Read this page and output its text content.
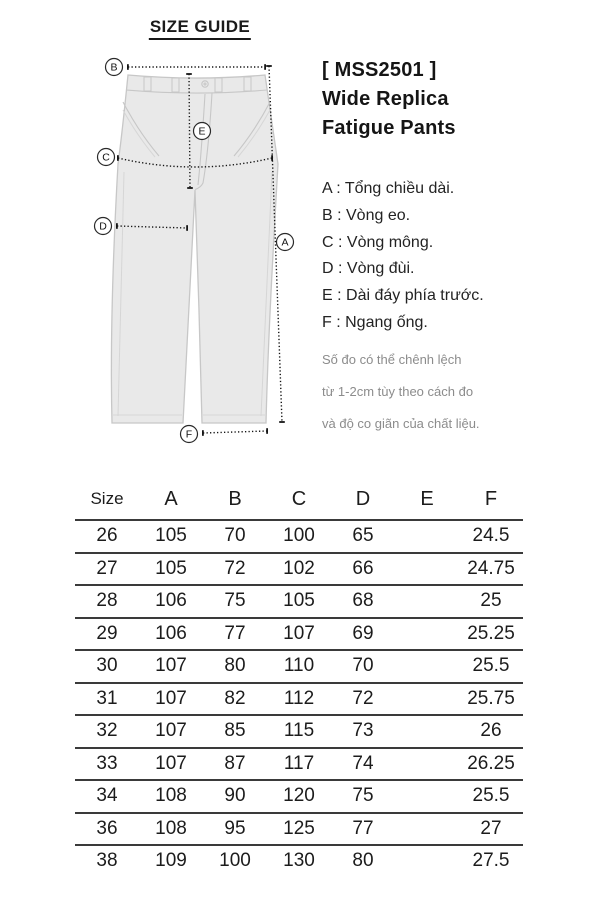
SIZE GUIDE
B
A
E
C
D
F
[ MSS2501 ]
Wide Replica
Fatigue Pants
A : Tổng chiều dài.
B : Vòng eo.
C : Vòng mông.
D : Vòng đùi.
E : Dài đáy phía trước.
F : Ngang ống.
Số đo có thể chênh lệch
từ 1-2cm tùy theo cách đo
và độ co giãn của chất liệu.
Size	A	B	C	D	E	F
26	105	70	100	65		24.5
27	105	72	102	66		24.75
28	106	75	105	68		25
29	106	77	107	69		25.25
30	107	80	110	70		25.5
31	107	82	112	72		25.75
32	107	85	115	73		26
33	107	87	117	74		26.25
34	108	90	120	75		25.5
36	108	95	125	77		27
38	109	100	130	80		27.5
